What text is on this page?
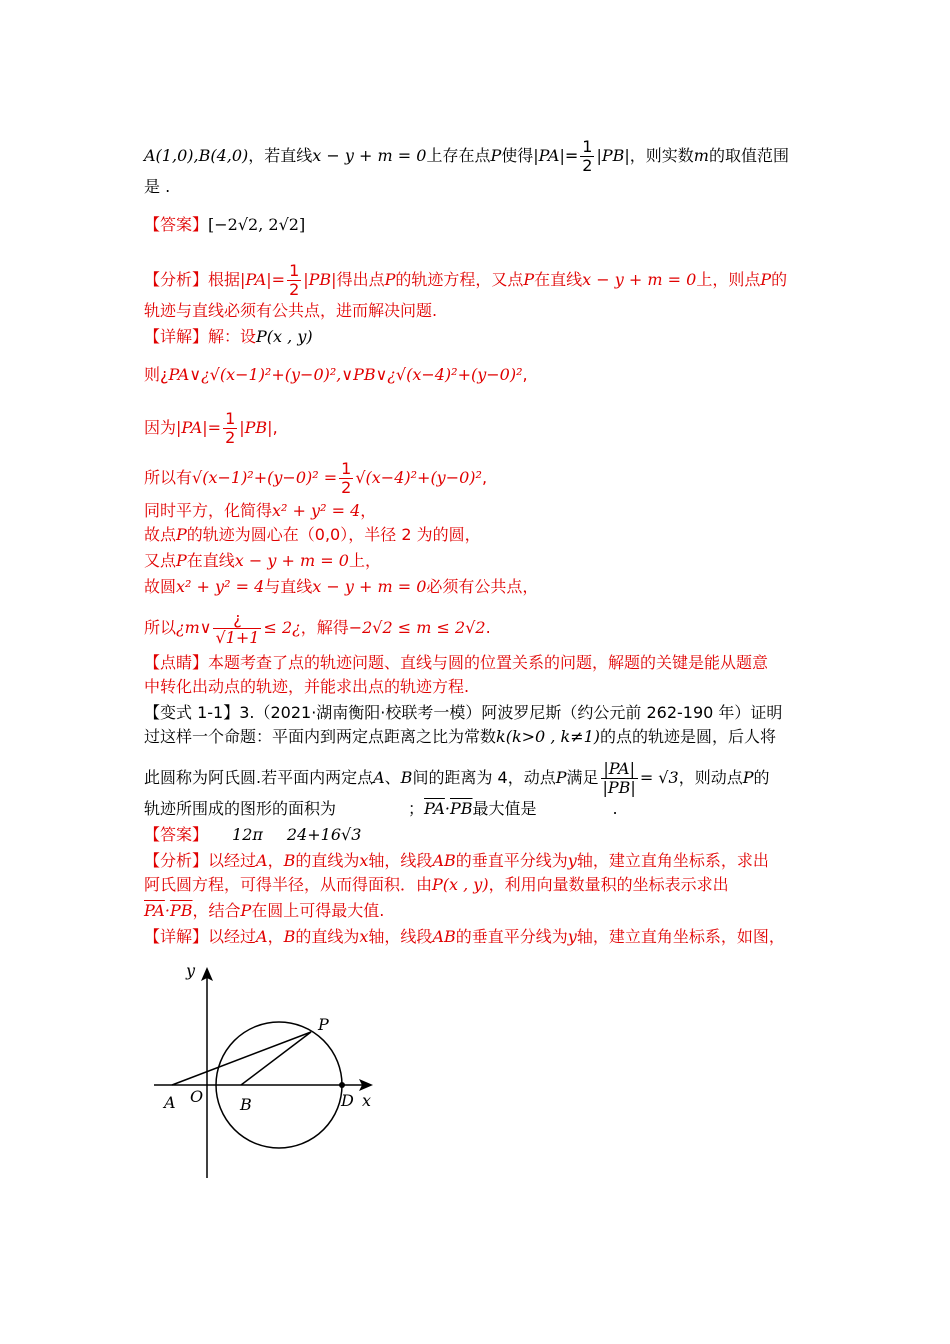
A(1,0),B(4,0)，若直线x − y + m = 0上存在点P使得$|PA|= \frac{1}{2} |PB|$，则实数m的取值范围
是 .
【答案】[−2√2, 2√2]
【分析】根据$|PA|= \frac{1}{2} |PB|$得出点P的轨迹方程，又点P在直线x − y + m = 0上，则点P的
轨迹与直线必须有公共点，进而解决问题.
【详解】解：设P(x , y)
则¿PA∨¿√(x−1)²+(y−0)²,∨PB∨¿√(x−4)²+(y−0)²,
因为$|PA|= \frac{1}{2} |PB|$,
所以有$√(x-1)^2+(y-0)^2 = \frac{1}{2} √(x-4)^2+(y-0)^2$,
同时平方，化简得x² + y² = 4，
故点P的轨迹为圆心在（0,0），半径 2 为的圆，
又点P在直线x − y + m = 0上，
故圆x² + y² = 4与直线x − y + m = 0必须有公共点，
所以¿m∨ $\frac{¿}{√1+1}$ ≤ 2¿，解得−2√2 ≤ m ≤ 2√2.
【点睛】本题考查了点的轨迹问题、直线与圆的位置关系的问题，解题的关键是能从题意
中转化出动点的轨迹，并能求出点的轨迹方程.
【变式 1-1】3.（2021·湖南衡阳·校联考一模）阿波罗尼斯（约公元前 262-190 年）证明
过这样一个命题：平面内到两定点距离之比为常数k(k>0 , k≠1)的点的轨迹是圆，后人将
此圆称为阿氏圆.若平面内两定点A、B间的距离为 4，动点P满足 $\frac{|PA|}{|PB|} = √3$，则动点P的
轨迹所围成的图形的面积为	；$\overline{PA}\cdot\overline{PB}$最大值是	.
【答案】 12π 24+16√3
【分析】以经过A，B的直线为x轴，线段AB的垂直平分线为y轴，建立直角坐标系，求出
阿氏圆方程，可得半径，从而得面积．由P(x , y)，利用向量数量积的坐标表示求出
$\overline{PA}\cdot\overline{PB}$，结合P在圆上可得最大值.
【详解】以经过A，B的直线为x轴，线段AB的垂直平分线为y轴，建立直角坐标系，如图，
y
x
O
A	B	D
P
